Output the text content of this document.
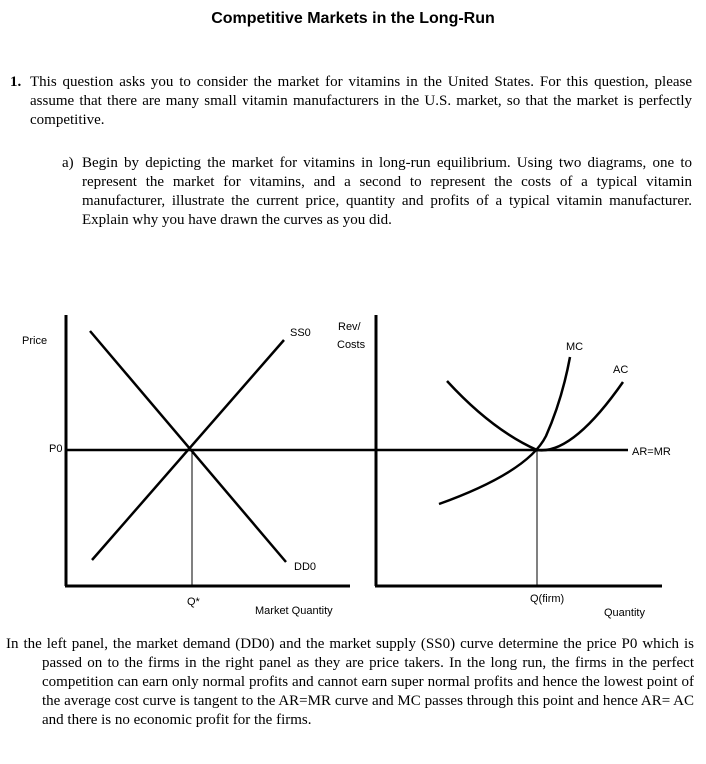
Competitive Markets in the Long-Run
1. This question asks you to consider the market for vitamins in the United States. For this question, please assume that there are many small vitamin manufacturers in the U.S. market, so that the market is perfectly competitive.
a) Begin by depicting the market for vitamins in long-run equilibrium. Using two diagrams, one to represent the market for vitamins, and a second to represent the costs of a typical vitamin manufacturer, illustrate the current price, quantity and profits of a typical vitamin manufacturer. Explain why you have drawn the curves as you did.
Price
P0
SS0
DD0
Q*
Market Quantity
Rev/
Costs	MC
AC
AR=MR
Q(firm)
Quantity
In the left panel, the market demand (DD0) and the market supply (SS0) curve determine the price P0 which is passed on to the firms in the right panel as they are price takers. In the long run, the firms in the perfect competition can earn only normal profits and cannot earn super normal profits and hence the lowest point of the average cost curve is tangent to the AR=MR curve and MC passes through this point and hence AR= AC and there is no economic profit for the firms.
